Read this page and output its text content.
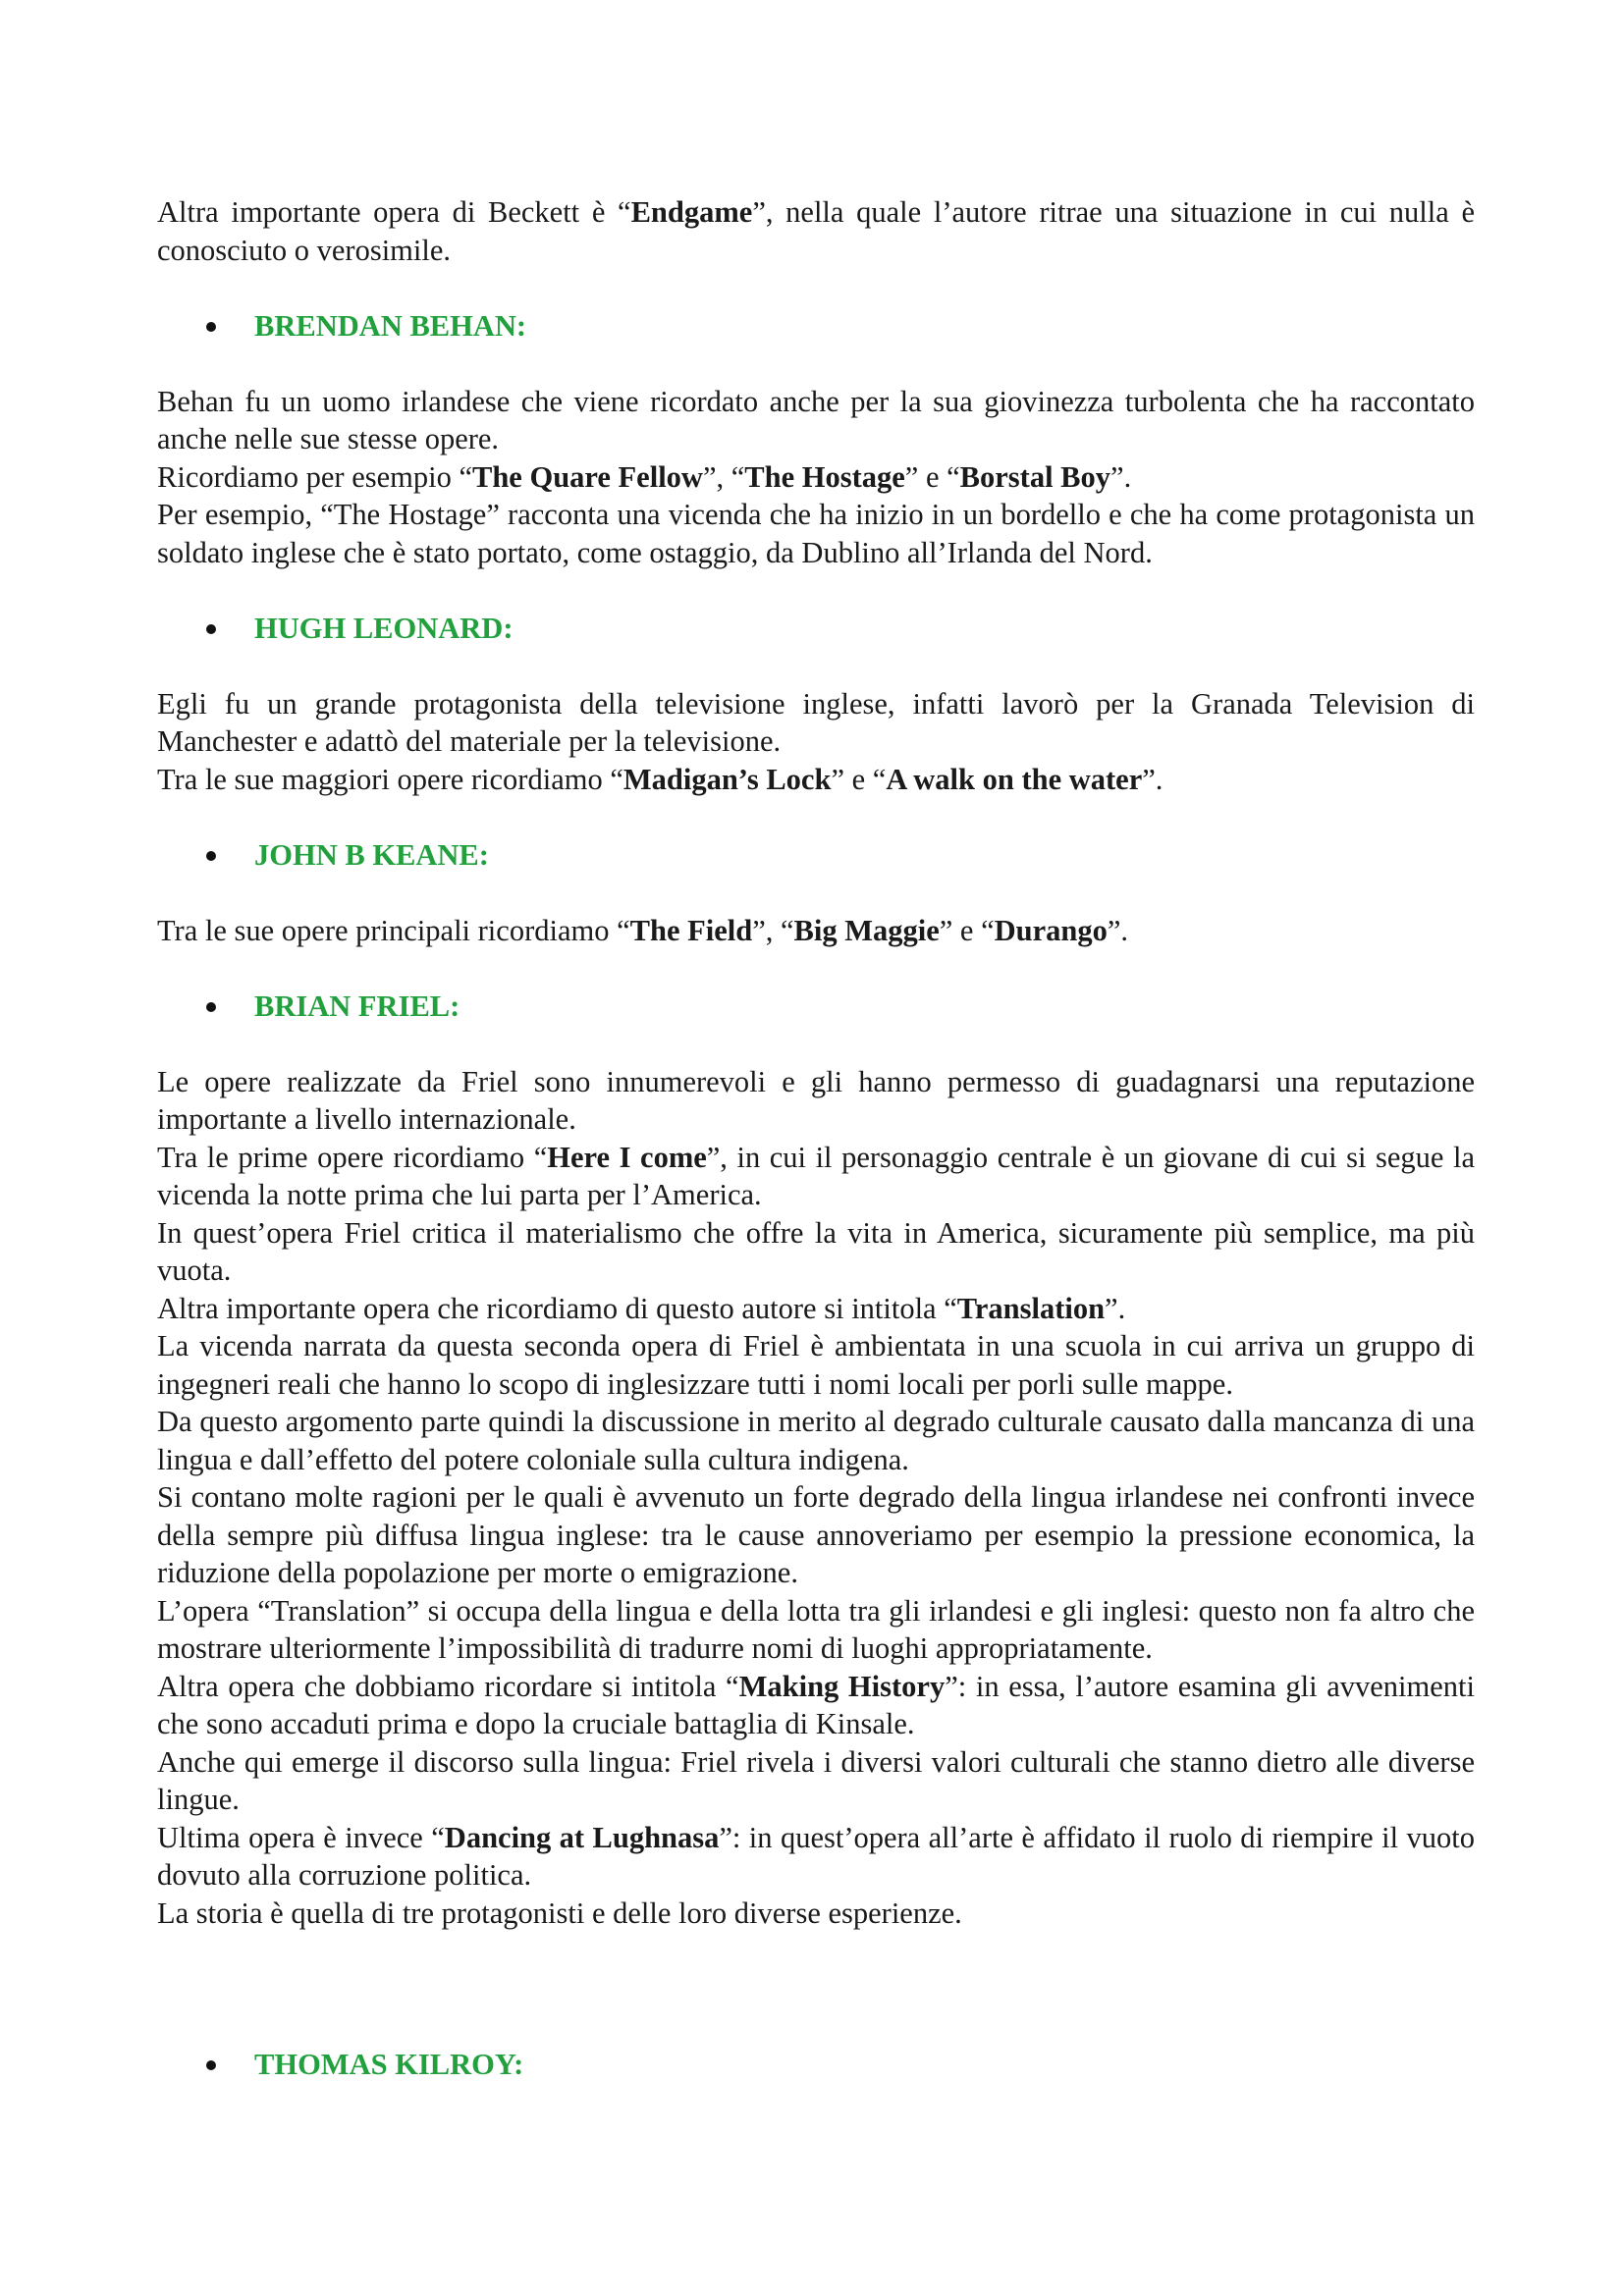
Altra importante opera di Beckett è “Endgame”, nella quale l’autore ritrae una situazione in cui nulla è conosciuto o verosimile.

BRENDAN BEHAN:

Behan fu un uomo irlandese che viene ricordato anche per la sua giovinezza turbolenta che ha raccontato anche nelle sue stesse opere.

Ricordiamo per esempio “The Quare Fellow”, “The Hostage” e “Borstal Boy”.

Per esempio, “The Hostage” racconta una vicenda che ha inizio in un bordello e che ha come protagonista un soldato inglese che è stato portato, come ostaggio, da Dublino all’Irlanda del Nord.

HUGH LEONARD:

Egli fu un grande protagonista della televisione inglese, infatti lavorò per la Granada Television di Manchester e adattò del materiale per la televisione.

Tra le sue maggiori opere ricordiamo “Madigan’s Lock” e “A walk on the water”.

JOHN B KEANE:

Tra le sue opere principali ricordiamo “The Field”, “Big Maggie” e “Durango”.

BRIAN FRIEL:

Le opere realizzate da Friel sono innumerevoli e gli hanno permesso di guadagnarsi una reputazione importante a livello internazionale.

Tra le prime opere ricordiamo “Here I come”, in cui il personaggio centrale è un giovane di cui si segue la vicenda la notte prima che lui parta per l’America.

In quest’opera Friel critica il materialismo che offre la vita in America, sicuramente più semplice, ma più vuota.

Altra importante opera che ricordiamo di questo autore si intitola “Translation”.

La vicenda narrata da questa seconda opera di Friel è ambientata in una scuola in cui arriva un gruppo di ingegneri reali che hanno lo scopo di inglesizzare tutti i nomi locali per porli sulle mappe.

Da questo argomento parte quindi la discussione in merito al degrado culturale causato dalla mancanza di una lingua e dall’effetto del potere coloniale sulla cultura indigena.

Si contano molte ragioni per le quali è avvenuto un forte degrado della lingua irlandese nei confronti invece della sempre più diffusa lingua inglese: tra le cause annoveriamo per esempio la pressione economica, la riduzione della popolazione per morte o emigrazione.

L’opera “Translation” si occupa della lingua e della lotta tra gli irlandesi e gli inglesi: questo non fa altro che mostrare ulteriormente l’impossibilità di tradurre nomi di luoghi appropriatamente.

Altra opera che dobbiamo ricordare si intitola “Making History”: in essa, l’autore esamina gli avvenimenti che sono accaduti prima e dopo la cruciale battaglia di Kinsale.

Anche qui emerge il discorso sulla lingua: Friel rivela i diversi valori culturali che stanno dietro alle diverse lingue.

Ultima opera è invece “Dancing at Lughnasa”: in quest’opera all’arte è affidato il ruolo di riempire il vuoto dovuto alla corruzione politica.

La storia è quella di tre protagonisti e delle loro diverse esperienze.

THOMAS KILROY:
